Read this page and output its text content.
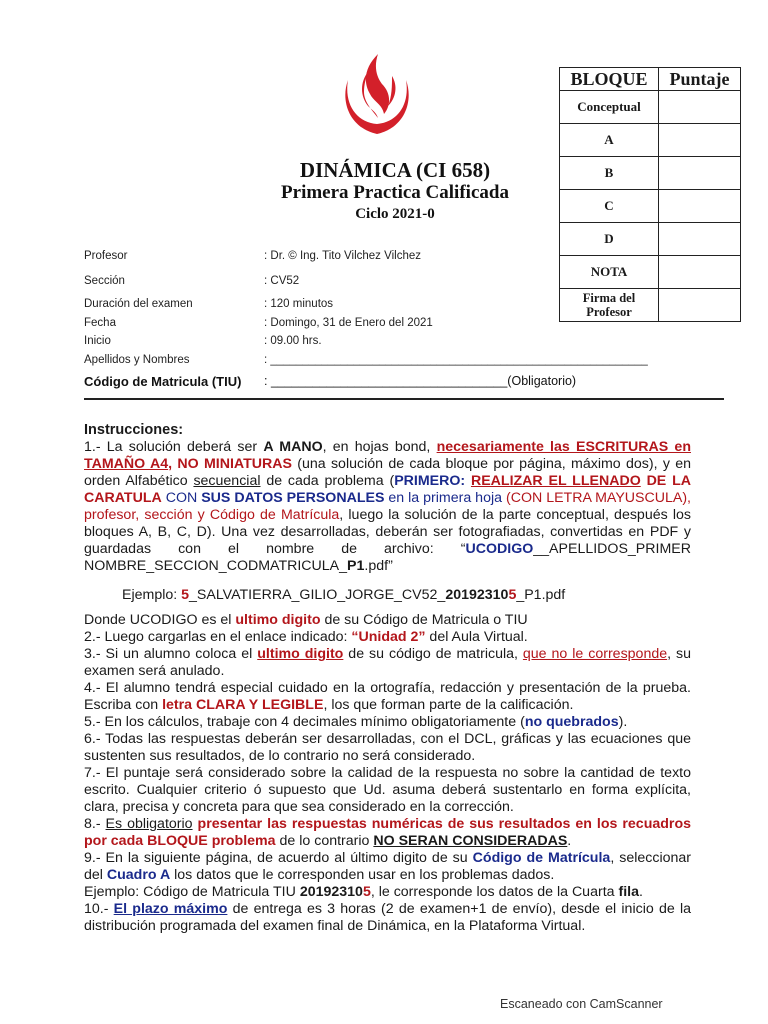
DINÁMICA (CI 658)
Primera Practica Calificada
Ciclo 2021-0
BLOQUE	Puntaje
Conceptual	
A	
B	
C	
D	
NOTA	
Firma del
Profesor	
Profesor	: Dr. © Ing. Tito Vilchez Vilchez
Sección	: CV52
Duración del examen	: 120 minutos
Fecha	: Domingo, 31 de Enero del 2021
Inicio	: 09.00 hrs.
Apellidos y Nombres	: ___________________________________________________________
Código de Matricula (TIU) : __________________________________(Obligatorio)

Instrucciones:

1.- La solución deberá ser A MANO, en hojas bond, necesariamente las ESCRITURAS en TAMAÑO A4, NO MINIATURAS (una solución de cada bloque por página, máximo dos), y en orden Alfabético secuencial de cada problema (PRIMERO: REALIZAR EL LLENADO DE LA CARATULA CON SUS DATOS PERSONALES en la primera hoja (CON LETRA MAYUSCULA), profesor, sección y Código de Matrícula, luego la solución de la parte conceptual, después los bloques A, B, C, D). Una vez desarrolladas, deberán ser fotografiadas, convertidas en PDF y guardadas con el nombre de archivo: “UCODIGO__APELLIDOS_PRIMER NOMBRE_SECCION_CODMATRICULA_P1.pdf”

Ejemplo: 5_SALVATIERRA_GILIO_JORGE_CV52_201923105_P1.pdf

Donde UCODIGO es el ultimo digito de su Código de Matricula o TIU

2.- Luego cargarlas en el enlace indicado: “Unidad 2” del Aula Virtual.

3.- Si un alumno coloca el ultimo digito de su código de matricula, que no le corresponde, su examen será anulado.

4.- El alumno tendrá especial cuidado en la ortografía, redacción y presentación de la prueba. Escriba con letra CLARA Y LEGIBLE, los que forman parte de la calificación.

5.- En los cálculos, trabaje con 4 decimales mínimo obligatoriamente (no quebrados).

6.- Todas las respuestas deberán ser desarrolladas, con el DCL, gráficas y las ecuaciones que sustenten sus resultados, de lo contrario no será considerado.

7.- El puntaje será considerado sobre la calidad de la respuesta no sobre la cantidad de texto escrito. Cualquier criterio ó supuesto que Ud. asuma deberá sustentarlo en forma explícita, clara, precisa y concreta para que sea considerado en la corrección.

8.- Es obligatorio presentar las respuestas numéricas de sus resultados en los recuadros por cada BLOQUE problema de lo contrario NO SERAN CONSIDERADAS.

9.- En la siguiente página, de acuerdo al último digito de su Código de Matrícula, seleccionar del Cuadro A los datos que le corresponden usar en los problemas dados.

Ejemplo: Código de Matricula TIU 201923105, le corresponde los datos de la Cuarta fila.

10.- El plazo máximo de entrega es 3 horas (2 de examen+1 de envío), desde el inicio de la distribución programada del examen final de Dinámica, en la Plataforma Virtual.

Escaneado con CamScanner
